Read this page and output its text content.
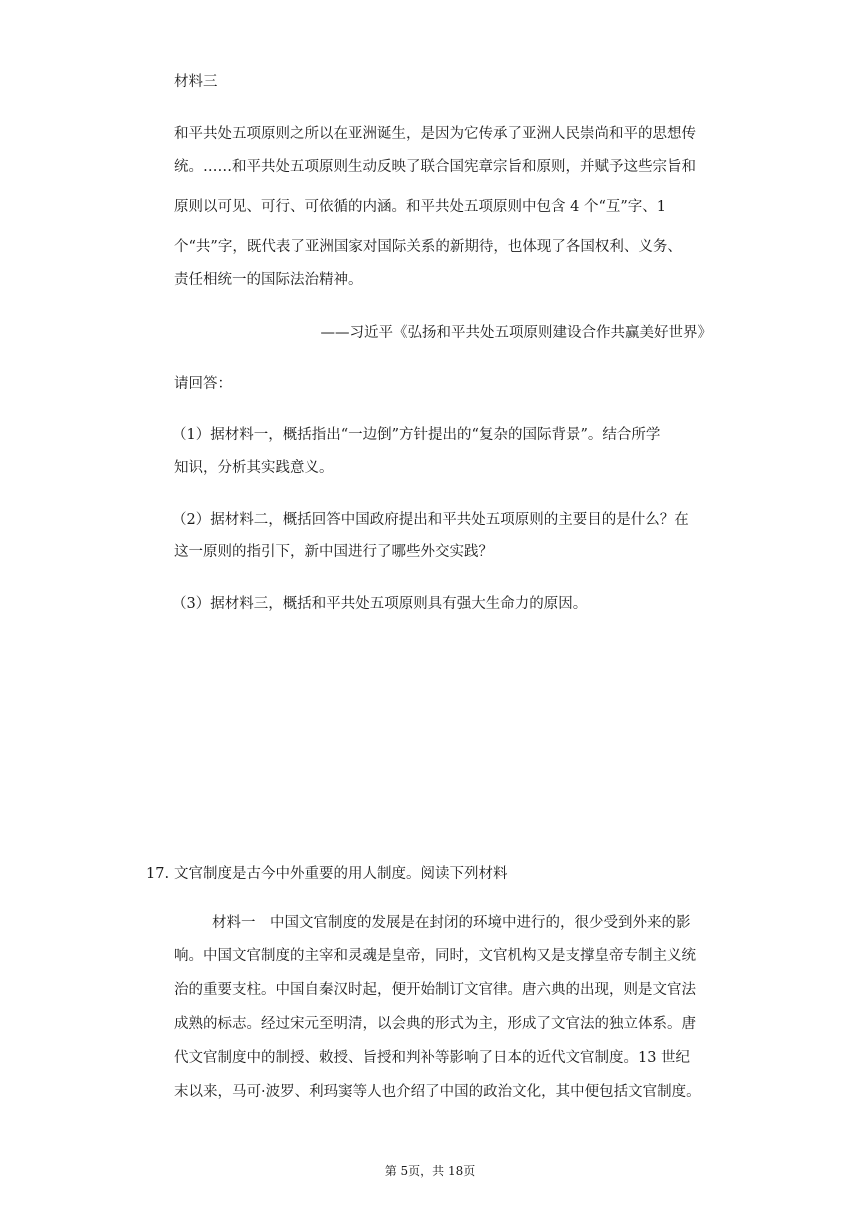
材料三
和平共处五项原则之所以在亚洲诞生，是因为它传承了亚洲人民崇尚和平的思想传
统。……和平共处五项原则生动反映了联合国宪章宗旨和原则，并赋予这些宗旨和
原则以可见、可行、可依循的内涵。和平共处五项原则中包含 4 个“互”字、1
个“共”字，既代表了亚洲国家对国际关系的新期待，也体现了各国权利、义务、
责任相统一的国际法治精神。
——习近平《弘扬和平共处五项原则建设合作共赢美好世界》
请回答：
（1）据材料一，概括指出“一边倒”方针提出的“复杂的国际背景”。结合所学
知识，分析其实践意义。
（2）据材料二，概括回答中国政府提出和平共处五项原则的主要目的是什么？在
这一原则的指引下，新中国进行了哪些外交实践？
（3）据材料三，概括和平共处五项原则具有强大生命力的原因。
17. 文官制度是古今中外重要的用人制度。阅读下列材料
材料一　中国文官制度的发展是在封闭的环境中进行的，很少受到外来的影
响。中国文官制度的主宰和灵魂是皇帝，同时，文官机构又是支撑皇帝专制主义统
治的重要支柱。中国自秦汉时起，便开始制订文官律。唐六典的出现，则是文官法
成熟的标志。经过宋元至明清，以会典的形式为主，形成了文官法的独立体系。唐
代文官制度中的制授、敕授、旨授和判补等影响了日本的近代文官制度。13 世纪
末以来，马可·波罗、利玛窦等人也介绍了中国的政治文化，其中便包括文官制度。
第 5页，共 18页
